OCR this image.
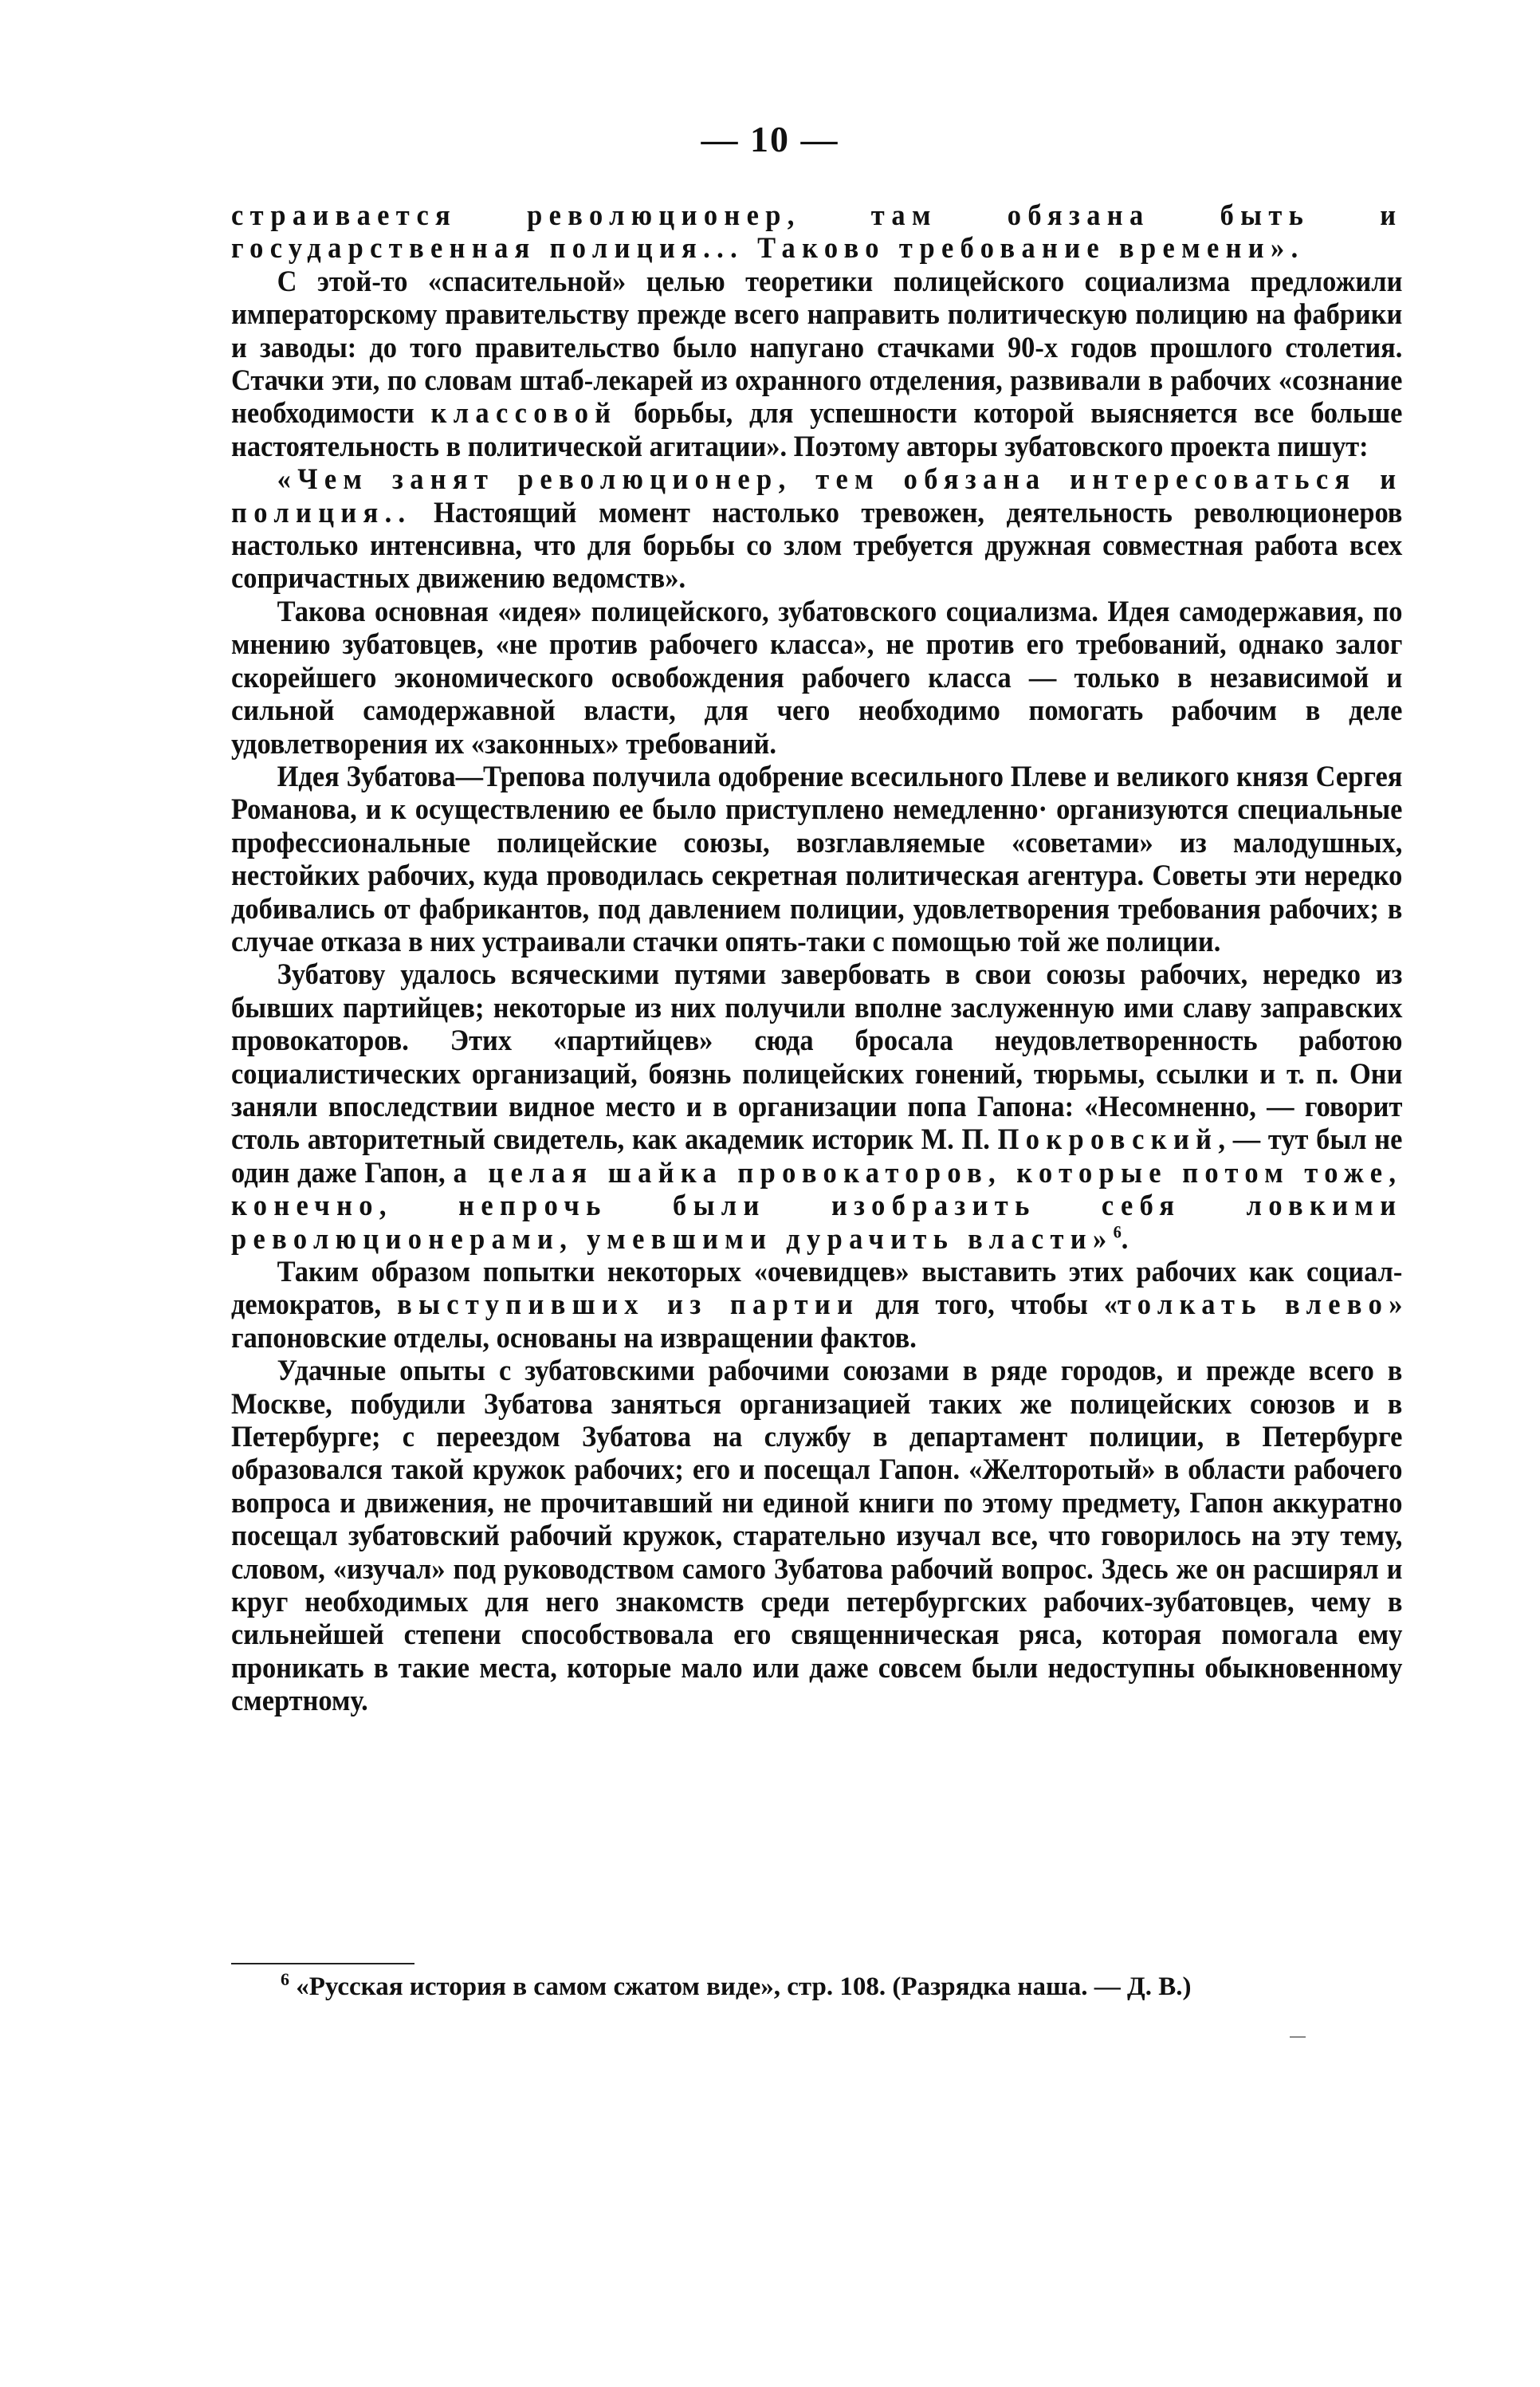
— 10 —

страивается революционер, там обязана быть и государственная полиция... Таково требование времени».

С этой-то «спасительной» целью теоретики полицейского социализма предложили императорскому правительству прежде всего направить политическую полицию на фабрики и заводы: до того правительство было напугано стачками 90-х годов прошлого столетия. Стачки эти, по словам штаб-лекарей из охранного отделения, развивали в рабочих «сознание необходимости классовой борьбы, для успешности которой выясняется все больше настоятельность в политической агитации». Поэтому авторы зубатовского проекта пишут:

«Чем занят революционер, тем обязана интересоваться и полиция.. Настоящий момент настолько тревожен, деятельность революционеров настолько интенсивна, что для борьбы со злом требуется дружная совместная работа всех сопричастных движению ведомств».

Такова основная «идея» полицейского, зубатовского социализма. Идея самодержавия, по мнению зубатовцев, «не против рабочего класса», не против его требований, однако залог скорейшего экономического освобождения рабочего класса — только в независимой и сильной самодержавной власти, для чего необходимо помогать рабочим в деле удовлетворения их «законных» требований.

Идея Зубатова—Трепова получила одобрение всесильного Плеве и великого князя Сергея Романова, и к осуществлению ее было приступлено немедленно· организуются специальные профессиональные полицейские союзы, возглавляемые «советами» из малодушных, нестойких рабочих, куда проводилась секретная политическая агентура. Советы эти нередко добивались от фабрикантов, под давлением полиции, удовлетворения требования рабочих; в случае отказа в них устраивали стачки опять-таки с помощью той же полиции.

Зубатову удалось всяческими путями завербовать в свои союзы рабочих, нередко из бывших партийцев; некоторые из них получили вполне заслуженную ими славу заправских провокаторов. Этих «партийцев» сюда бросала неудовлетворенность работою социалистических организаций, боязнь полицейских гонений, тюрьмы, ссылки и т. п. Они заняли впоследствии видное место и в организации попа Гапона: «Несомненно, — говорит столь авторитетный свидетель, как академик историк М. П. Покровский, — тут был не один даже Гапон, а целая шайка провокаторов, которые потом тоже, конечно, непрочь были изобразить себя ловкими революционерами, умевшими дурачить власти»$^6$.

Таким образом попытки некоторых «очевидцев» выставить этих рабочих как социал-демократов, выступивших из партии для того, чтобы «толкать влево» гапоновские отделы, основаны на извращении фактов.

Удачные опыты с зубатовскими рабочими союзами в ряде городов, и прежде всего в Москве, побудили Зубатова заняться организацией таких же полицейских союзов и в Петербурге; с переездом Зубатова на службу в департамент полиции, в Петербурге образовался такой кружок рабочих; его и посещал Гапон. «Желторотый» в области рабочего вопроса и движения, не прочитавший ни единой книги по этому предмету, Гапон аккуратно посещал зубатовский рабочий кружок, старательно изучал все, что говорилось на эту тему, словом, «изучал» под руководством самого Зубатова рабочий вопрос. Здесь же он расширял и круг необходимых для него знакомств среди петербургских рабочих-зубатовцев, чему в сильнейшей степени способствовала его священническая ряса, которая помогала ему проникать в такие места, которые мало или даже совсем были недоступны обыкновенному смертному.

$^6$ «Русская история в самом сжатом виде», стр. 108. (Разрядка наша. — Д. В.)
